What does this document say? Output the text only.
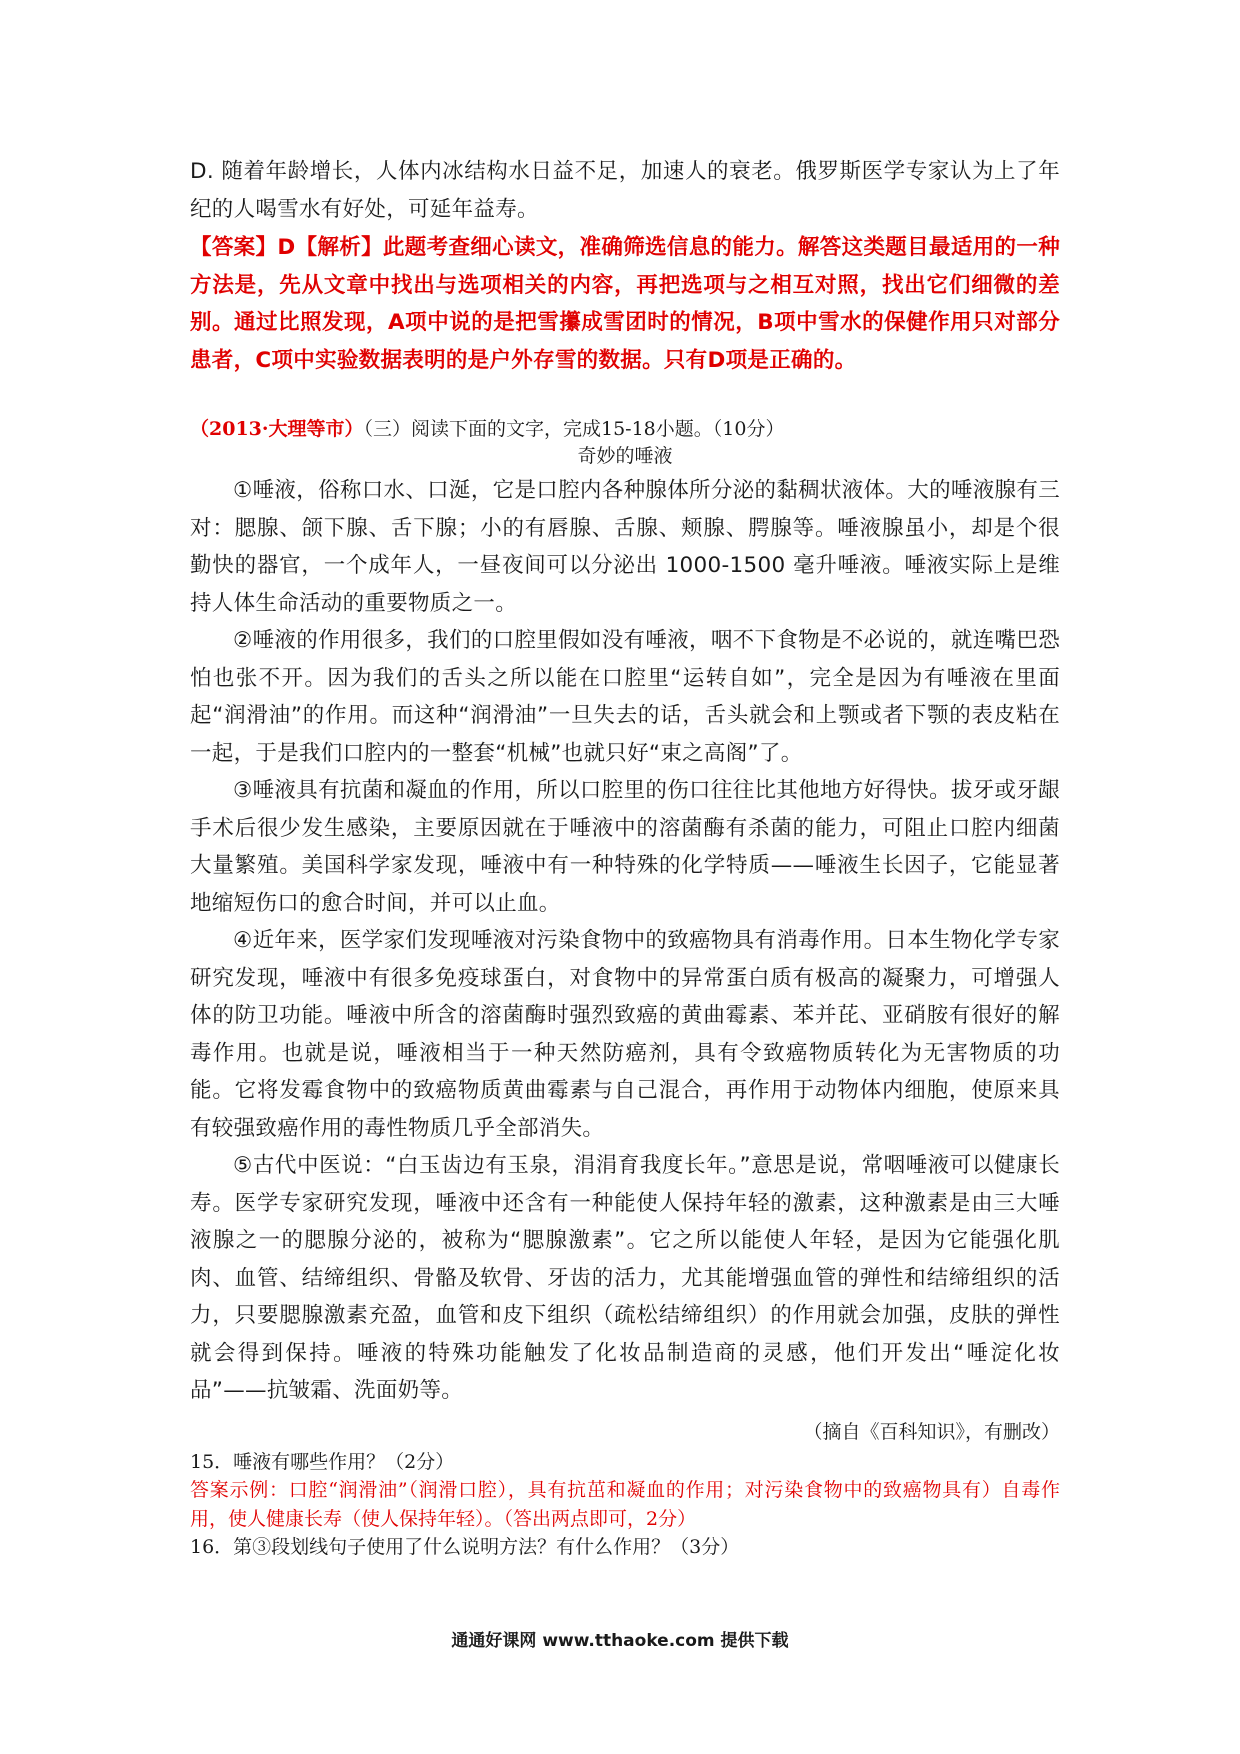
D. 随着年龄增长，人体内冰结构水日益不足，加速人的衰老。俄罗斯医学专家认为上了年纪的人喝雪水有好处，可延年益寿。

【答案】D【解析】此题考查细心读文，准确筛选信息的能力。解答这类题目最适用的一种方法是，先从文章中找出与选项相关的内容，再把选项与之相互对照，找出它们细微的差别。通过比照发现，A项中说的是把雪攥成雪团时的情况，B项中雪水的保健作用只对部分患者，C项中实验数据表明的是户外存雪的数据。只有D项是正确的。

（2013·大理等市）（三）阅读下面的文字，完成15-18小题。（10分）
奇妙的唾液

①唾液，俗称口水、口涎，它是口腔内各种腺体所分泌的黏稠状液体。大的唾液腺有三对：腮腺、颌下腺、舌下腺；小的有唇腺、舌腺、颊腺、腭腺等。唾液腺虽小，却是个很勤快的器官，一个成年人，一昼夜间可以分泌出 1000-1500 毫升唾液。唾液实际上是维持人体生命活动的重要物质之一。

②唾液的作用很多，我们的口腔里假如没有唾液，咽不下食物是不必说的，就连嘴巴恐怕也张不开。因为我们的舌头之所以能在口腔里“运转自如”，完全是因为有唾液在里面起“润滑油”的作用。而这种“润滑油”一旦失去的话，舌头就会和上颚或者下颚的表皮粘在一起，于是我们口腔内的一整套“机械”也就只好“束之高阁”了。

③唾液具有抗菌和凝血的作用，所以口腔里的伤口往往比其他地方好得快。拔牙或牙龈手术后很少发生感染，主要原因就在于唾液中的溶菌酶有杀菌的能力，可阻止口腔内细菌大量繁殖。美国科学家发现，唾液中有一种特殊的化学特质——唾液生长因子，它能显著地缩短伤口的愈合时间，并可以止血。

④近年来，医学家们发现唾液对污染食物中的致癌物具有消毒作用。日本生物化学专家研究发现，唾液中有很多免疫球蛋白，对食物中的异常蛋白质有极高的凝聚力，可增强人体的防卫功能。唾液中所含的溶菌酶时强烈致癌的黄曲霉素、苯并芘、亚硝胺有很好的解毒作用。也就是说，唾液相当于一种天然防癌剂，具有令致癌物质转化为无害物质的功能。它将发霉食物中的致癌物质黄曲霉素与自己混合，再作用于动物体内细胞，使原来具有较强致癌作用的毒性物质几乎全部消失。

⑤古代中医说：“白玉齿边有玉泉，涓涓育我度长年。”意思是说，常咽唾液可以健康长寿。医学专家研究发现，唾液中还含有一种能使人保持年轻的激素，这种激素是由三大唾液腺之一的腮腺分泌的，被称为“腮腺激素”。它之所以能使人年轻，是因为它能强化肌肉、血管、结缔组织、骨骼及软骨、牙齿的活力，尤其能增强血管的弹性和结缔组织的活力，只要腮腺激素充盈，血管和皮下组织（疏松结缔组织）的作用就会加强，皮肤的弹性就会得到保持。唾液的特殊功能触发了化妆品制造商的灵感，他们开发出“唾淀化妆品”——抗皱霜、洗面奶等。

（摘自《百科知识》，有删改）
15．唾液有哪些作用？（2分）

答案示例：口腔“润滑油”（润滑口腔），具有抗茁和凝血的作用；对污染食物中的致癌物具有）自毒作用，使人健康长寿（使人保持年轻）。（答出两点即可，2分）

16．第③段划线句子使用了什么说明方法？有什么作用？（3分）
通通好课网 www.tthaoke.com 提供下载
